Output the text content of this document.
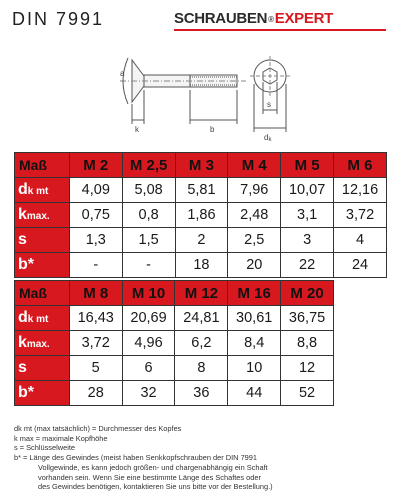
DIN 7991	SCHRAUBEN®EXPERT
a
k	b
s
dk
Maß	M 2	M 2,5	M 3	M 4	M 5	M 6
dk mt	4,09	5,08	5,81	7,96	10,07	12,16
kmax.	0,75	0,8	1,86	2,48	3,1	3,72
s	1,3	1,5	2	2,5	3	4
b*	-	-	18	20	22	24
Maß	M 8	M 10	M 12	M 16	M 20
dk mt	16,43	20,69	24,81	30,61	36,75
kmax.	3,72	4,96	6,2	8,4	8,8
s	5	6	8	10	12
b*	28	32	36	44	52
dk mt (max tatsächlich) = Durchmesser des Kopfes
k max = maximale Kopfhöhe
s = Schlüsselweite
b* = Länge des Gewindes (meist haben Senkkopfschrauben der DIN 7991
Vollgewinde, es kann jedoch größen- und chargenabhängig ein Schaft
vorhanden sein. Wenn Sie eine bestimmte Länge des Schaftes oder
des Gewindes benötigen, kontaktieren Sie uns bitte vor der Bestellung.)
